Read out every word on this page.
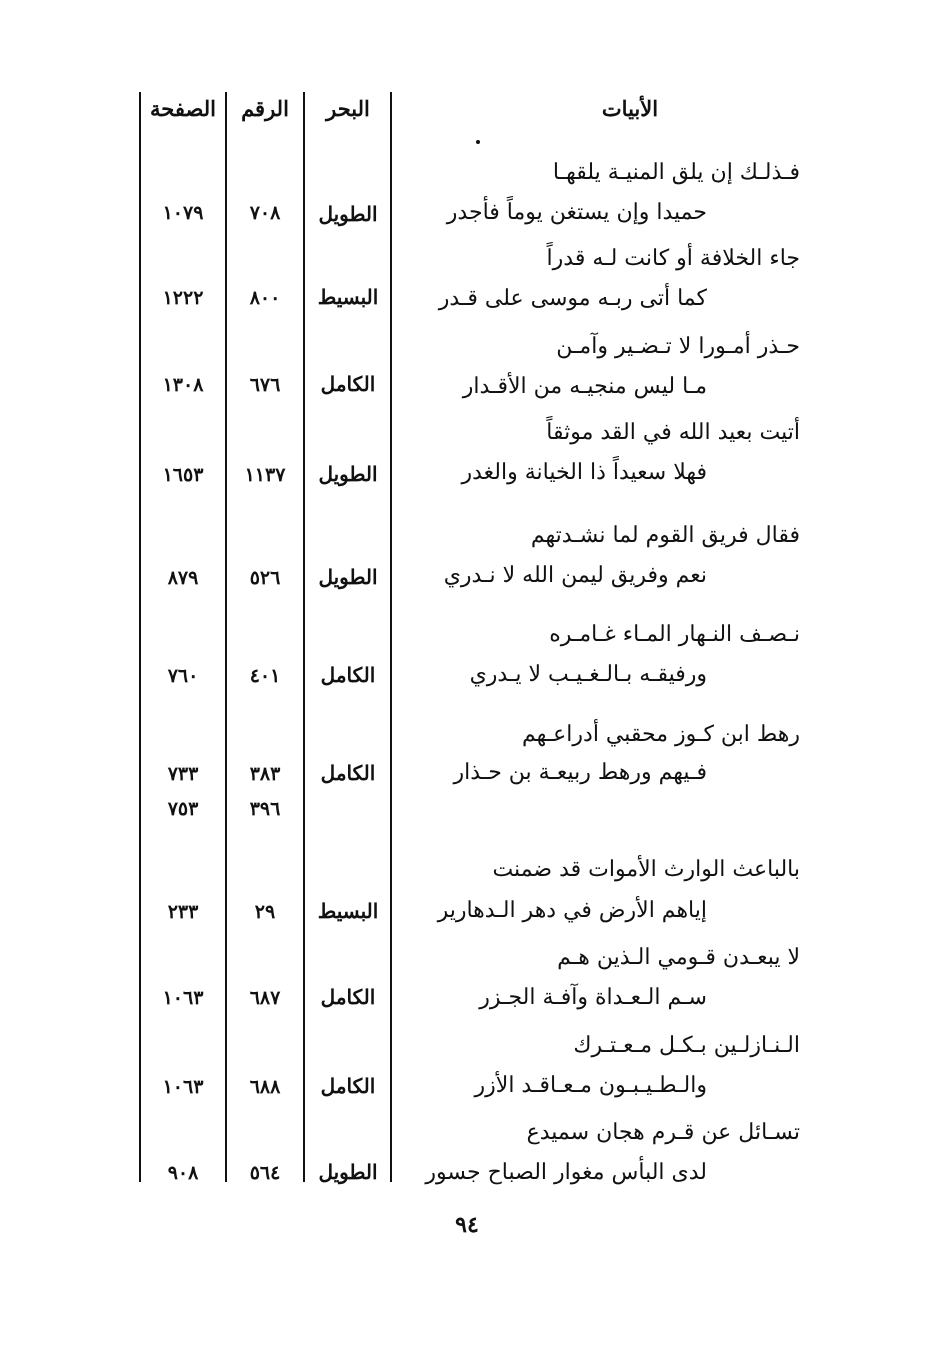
الأبيات
البحر
الرقم
الصفحة
فـذلـك إن يلق المنيـة يلقهـا
حميدا وإن يستغن يوماً فأجدر
الطويل
٧٠٨
١٠٧٩
جاء الخلافة أو كانت لـه قدراً
كما أتى ربـه موسى على قـدر
البسيط
٨٠٠
١٢٢٢
حـذر أمـورا لا تـضـير وآمـن
مـا ليس منجيـه من الأقـدار
الكامل
٦٧٦
١٣٠٨
أتيت بعيد الله في القد موثقاً
فهلا سعيداً ذا الخيانة والغدر
الطويل
١١٣٧
١٦٥٣
فقال فريق القوم لما نشـدتهم
نعم وفريق ليمن الله لا نـدري
الطويل
٥٢٦
٨٧٩
نـصـف النـهار المـاء غـامـره
ورفيقـه بـالـغـيـب لا يـدري
الكامل
٤٠١
٧٦٠
رهط ابن كـوز محقبي أدراعـهم
فـيهم ورهط ربيعـة بن حـذار
الكامل
٣٨٣
٧٣٣
٣٩٦
٧٥٣
بالباعث الوارث الأموات قد ضمنت
إياهم الأرض في دهر الـدهارير
البسيط
٢٩
٢٣٣
لا يبعـدن قـومي الـذين هـم
سـم الـعـداة وآفـة الجـزر
الكامل
٦٨٧
١٠٦٣
الـنـازلـين بـكـل مـعـتـرك
والـطـيـبـون مـعـاقـد الأزر
الكامل
٦٨٨
١٠٦٣
تسـائل عن قـرم هجان سميدع
لدى البأس مغوار الصباح جسور
الطويل
٥٦٤
٩٠٨
٩٤
